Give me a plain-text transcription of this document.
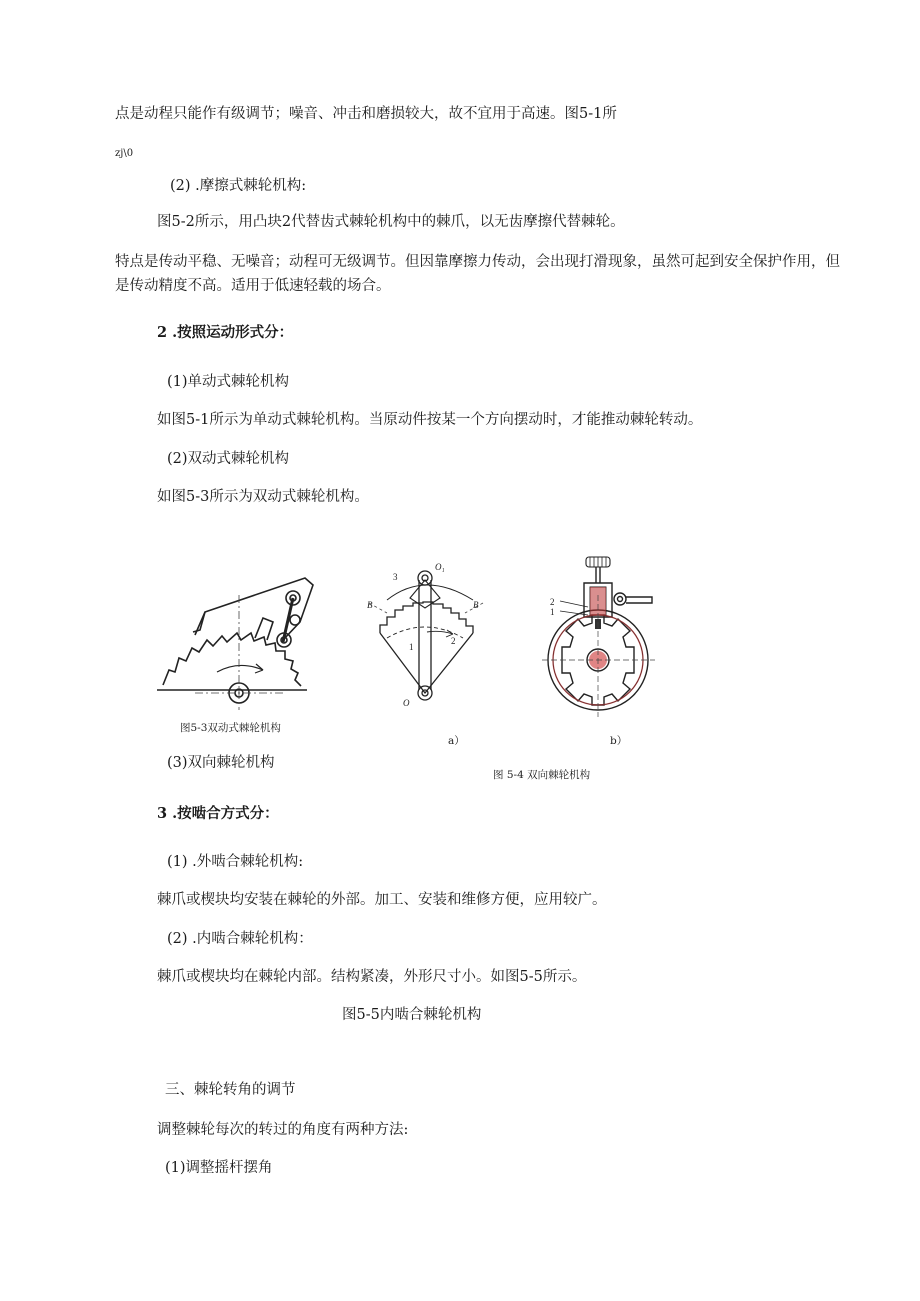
点是动程只能作有级调节；噪音、冲击和磨损较大，故不宜用于高速。图5-1所
zj\0
(2) .摩擦式棘轮机构:
图5-2所示，用凸块2代替齿式棘轮机构中的棘爪，以无齿摩擦代替棘轮。
特点是传动平稳、无噪音；动程可无级调节。但因靠摩擦力传动，会出现打滑现象，虽然可起到安全保护作用，但是传动精度不高。适用于低速轻载的场合。
2 .按照运动形式分：
(1)单动式棘轮机构
如图5-1所示为单动式棘轮机构。当原动件按某一个方向摆动时，才能推动棘轮转动。
(2)双动式棘轮机构
如图5-3所示为双动式棘轮机构。
图5-3双动式棘轮机构
O₁
3
B	B
1
2
O
a）
2
1
b）
(3)双向棘轮机构
图 5-4 双向棘轮机构
3 .按啮合方式分：
(1) .外啮合棘轮机构:
棘爪或楔块均安装在棘轮的外部。加工、安装和维修方便，应用较广。
(2) .内啮合棘轮机构：
棘爪或楔块均在棘轮内部。结构紧凑，外形尺寸小。如图5-5所示。
图5-5内啮合棘轮机构
三、棘轮转角的调节
调整棘轮每次的转过的角度有两种方法:
(1)调整摇杆摆角
